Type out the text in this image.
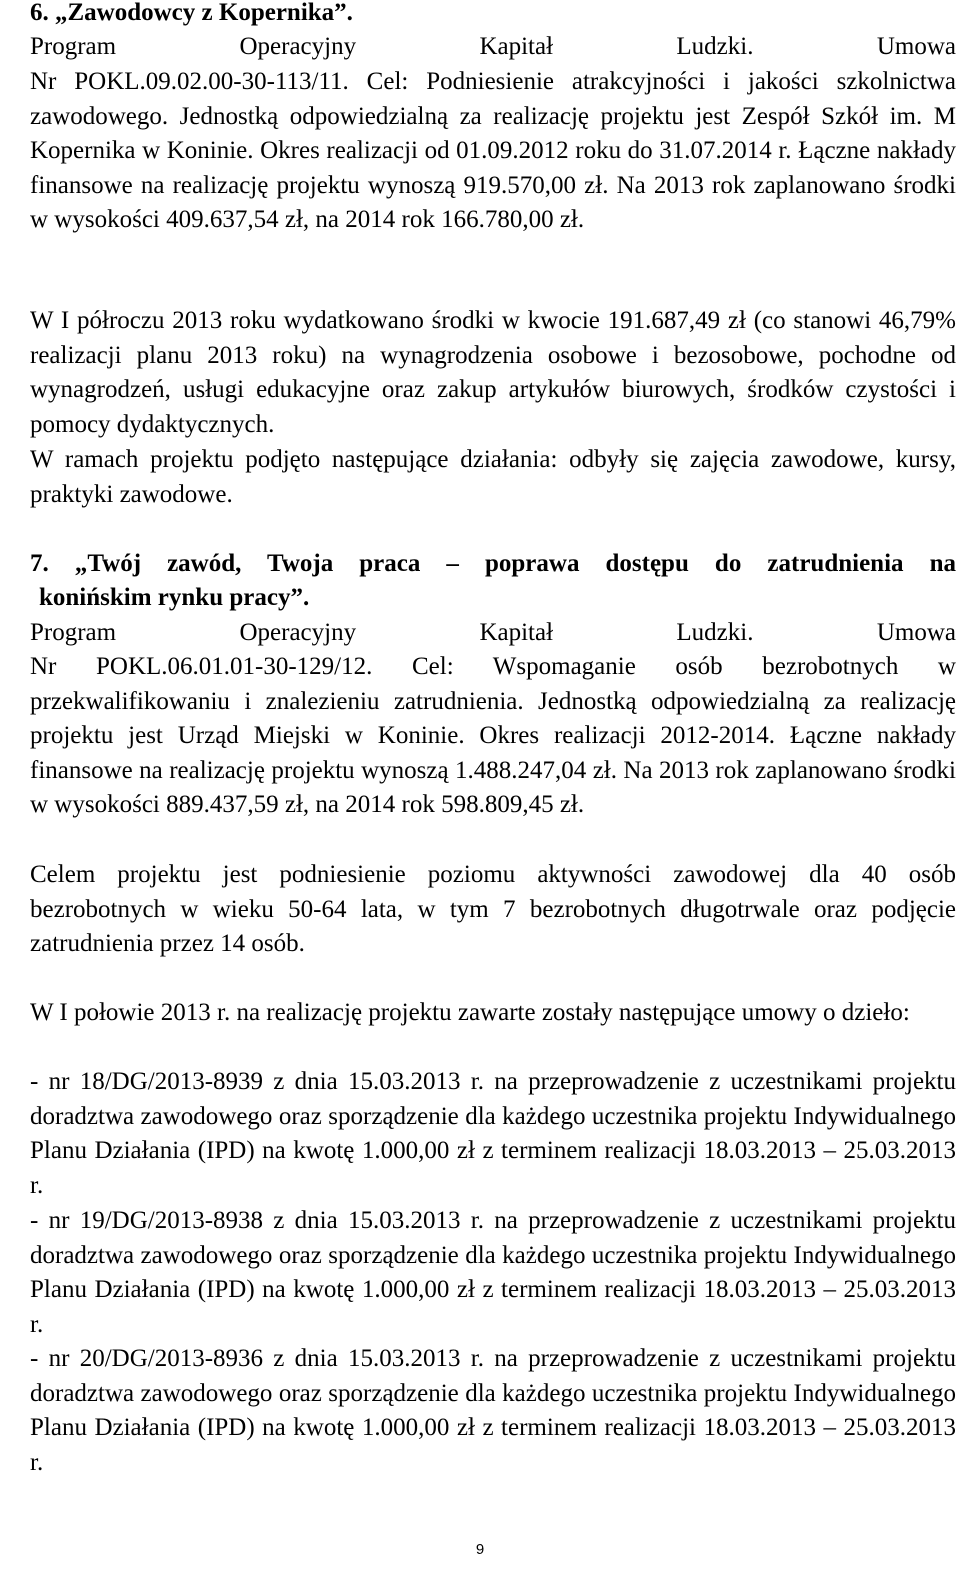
6. „Zawodowcy z Kopernika”.
Program Operacyjny Kapitał Ludzki. Umowa
Nr POKL.09.02.00-30-113/11. Cel: Podniesienie atrakcyjności i jakości szkolnictwa zawodowego. Jednostką odpowiedzialną za realizację projektu jest Zespół Szkół im. M Kopernika w Koninie. Okres realizacji od 01.09.2012 roku do 31.07.2014 r. Łączne nakłady finansowe na realizację projektu wynoszą 919.570,00 zł. Na 2013 rok zaplanowano środki w wysokości 409.637,54 zł, na 2014 rok 166.780,00 zł.
W I półroczu 2013 roku wydatkowano środki w kwocie 191.687,49 zł (co stanowi 46,79% realizacji planu 2013 roku) na wynagrodzenia osobowe i bezosobowe, pochodne od wynagrodzeń, usługi edukacyjne oraz zakup artykułów biurowych, środków czystości i pomocy dydaktycznych.
W ramach projektu podjęto następujące działania: odbyły się zajęcia zawodowe, kursy, praktyki zawodowe.
7. „Twój zawód, Twoja praca – poprawa dostępu do zatrudnienia na
konińskim rynku pracy”.
Program Operacyjny Kapitał Ludzki. Umowa
Nr POKL.06.01.01-30-129/12. Cel: Wspomaganie osób bezrobotnych w przekwalifikowaniu i znalezieniu zatrudnienia. Jednostką odpowiedzialną za realizację projektu jest Urząd Miejski w Koninie. Okres realizacji 2012-2014. Łączne nakłady finansowe na realizację projektu wynoszą 1.488.247,04 zł. Na 2013 rok zaplanowano środki w wysokości 889.437,59 zł, na 2014 rok 598.809,45 zł.
Celem projektu jest podniesienie poziomu aktywności zawodowej dla 40 osób bezrobotnych w wieku 50-64 lata, w tym 7 bezrobotnych długotrwale oraz podjęcie zatrudnienia przez 14 osób.
W I połowie 2013 r. na realizację projektu zawarte zostały następujące umowy o dzieło:
- nr 18/DG/2013-8939 z dnia 15.03.2013 r. na przeprowadzenie z uczestnikami projektu doradztwa zawodowego oraz sporządzenie dla każdego uczestnika projektu Indywidualnego Planu Działania (IPD) na kwotę 1.000,00 zł z terminem realizacji 18.03.2013 – 25.03.2013 r.
- nr 19/DG/2013-8938 z dnia 15.03.2013 r. na przeprowadzenie z uczestnikami projektu doradztwa zawodowego oraz sporządzenie dla każdego uczestnika projektu Indywidualnego Planu Działania (IPD) na kwotę 1.000,00 zł z terminem realizacji 18.03.2013 – 25.03.2013 r.
- nr 20/DG/2013-8936 z dnia 15.03.2013 r. na przeprowadzenie z uczestnikami projektu doradztwa zawodowego oraz sporządzenie dla każdego uczestnika projektu Indywidualnego Planu Działania (IPD) na kwotę 1.000,00 zł z terminem realizacji 18.03.2013 – 25.03.2013 r.
9
